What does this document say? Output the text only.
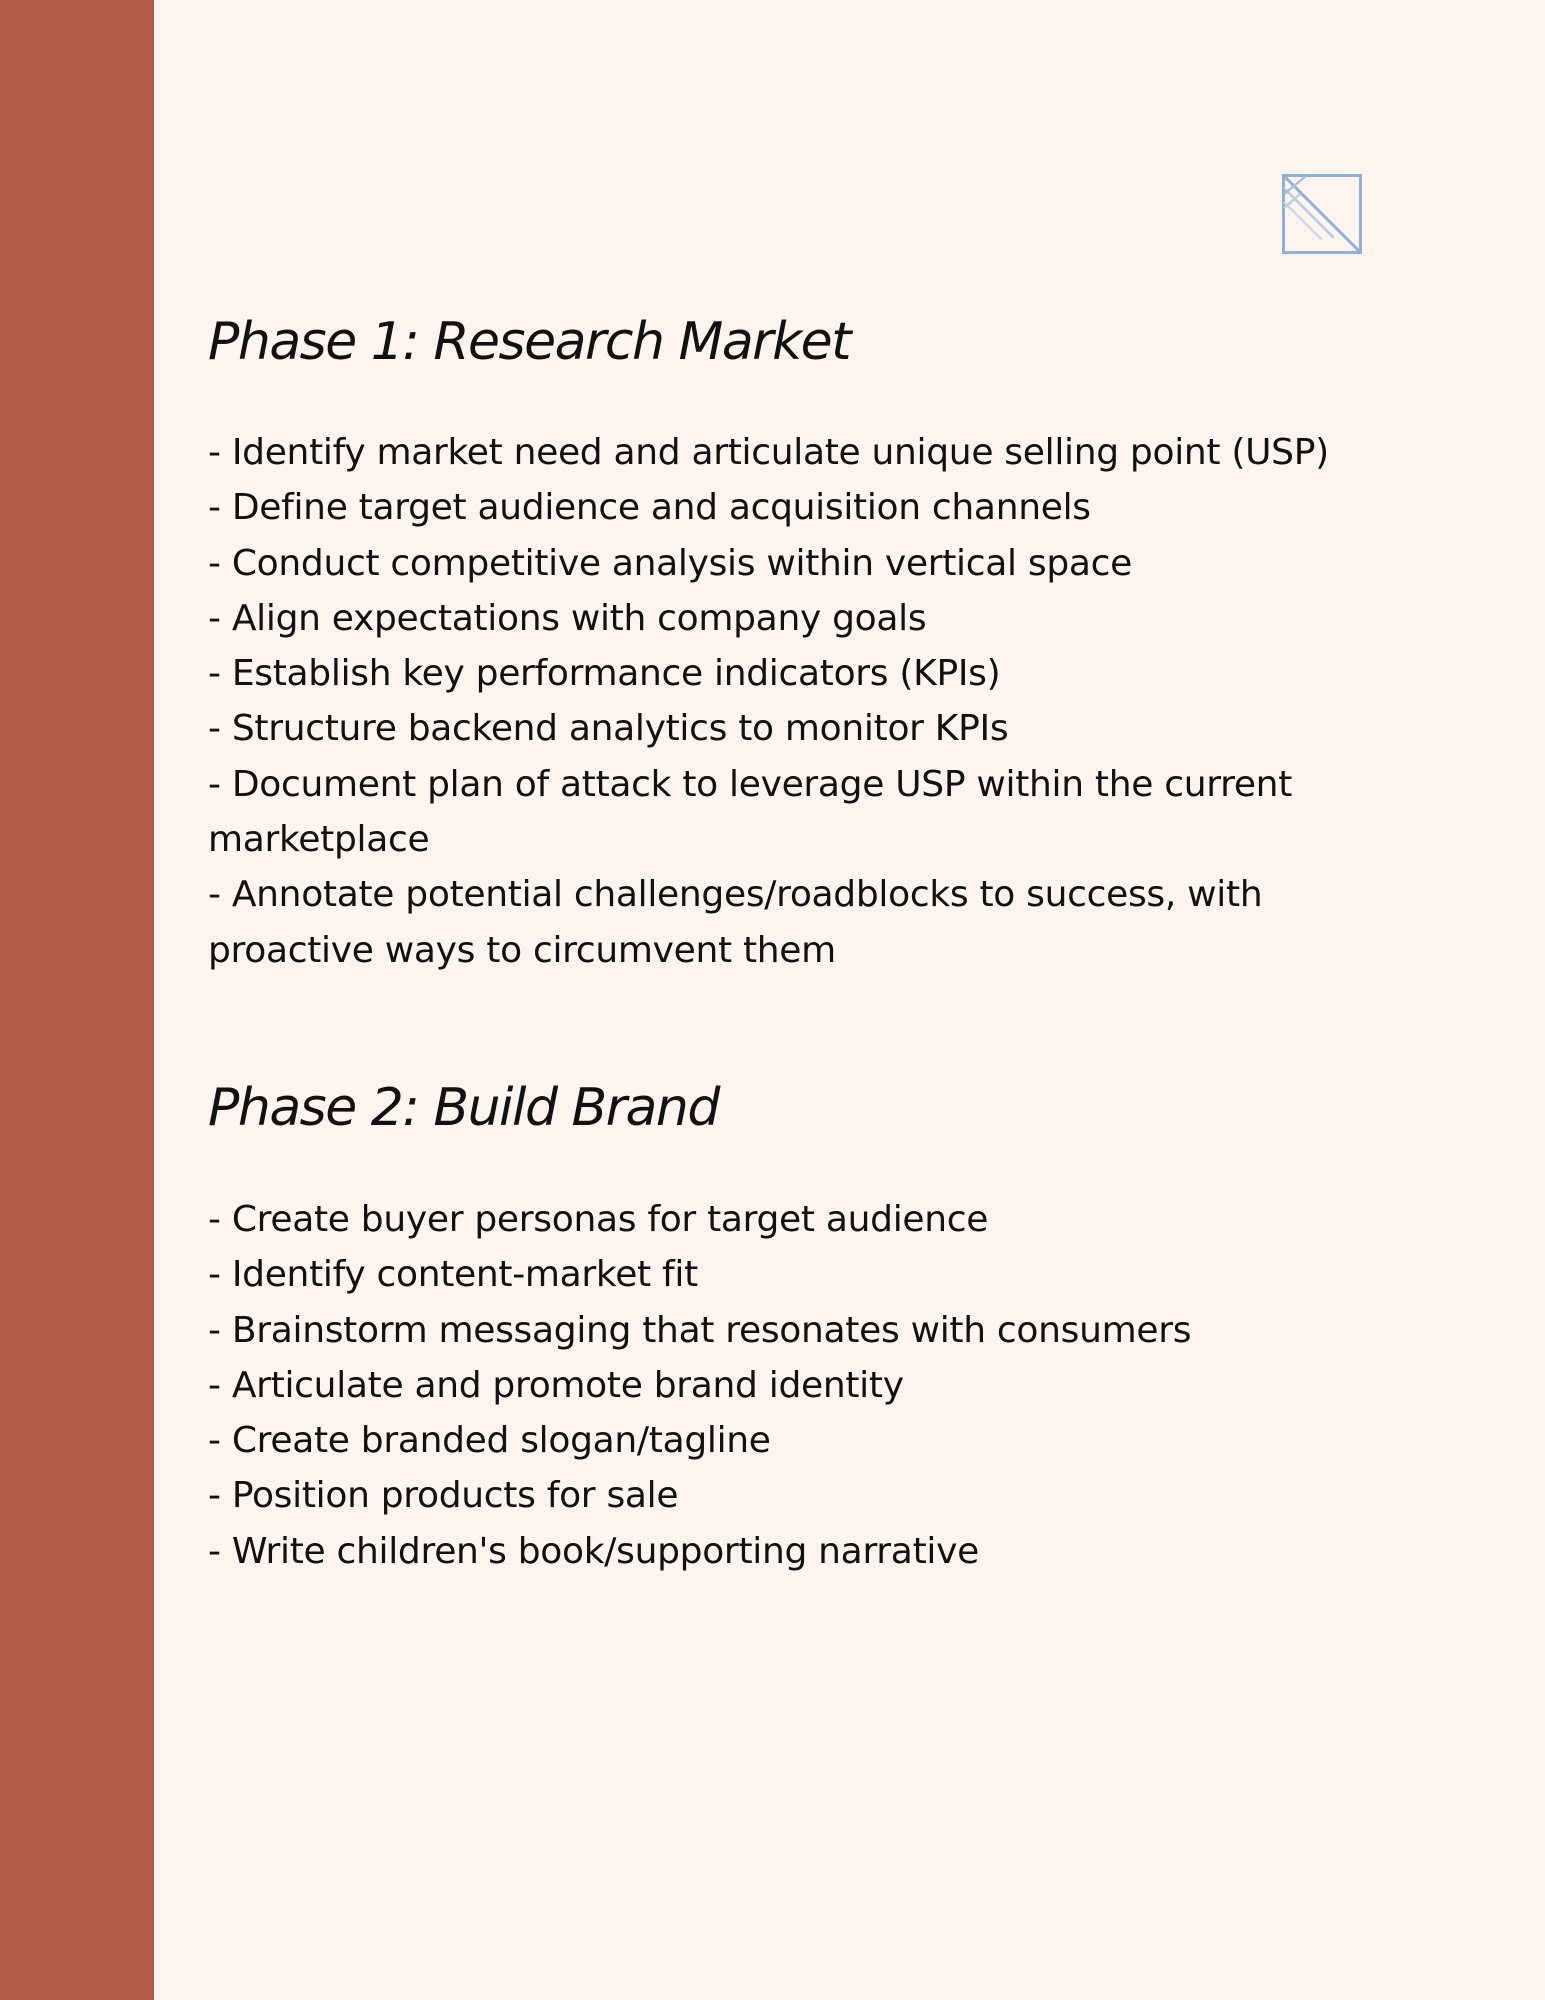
Phase 1: Research Market
- Identify market need and articulate unique selling point (USP)
- Define target audience and acquisition channels
- Conduct competitive analysis within vertical space
- Align expectations with company goals
- Establish key performance indicators (KPIs)
- Structure backend analytics to monitor KPIs
- Document plan of attack to leverage USP within the current marketplace
- Annotate potential challenges/roadblocks to success, with proactive ways to circumvent them
Phase 2: Build Brand
- Create buyer personas for target audience
- Identify content-market fit
- Brainstorm messaging that resonates with consumers
- Articulate and promote brand identity
- Create branded slogan/tagline
- Position products for sale
- Write children's book/supporting narrative
